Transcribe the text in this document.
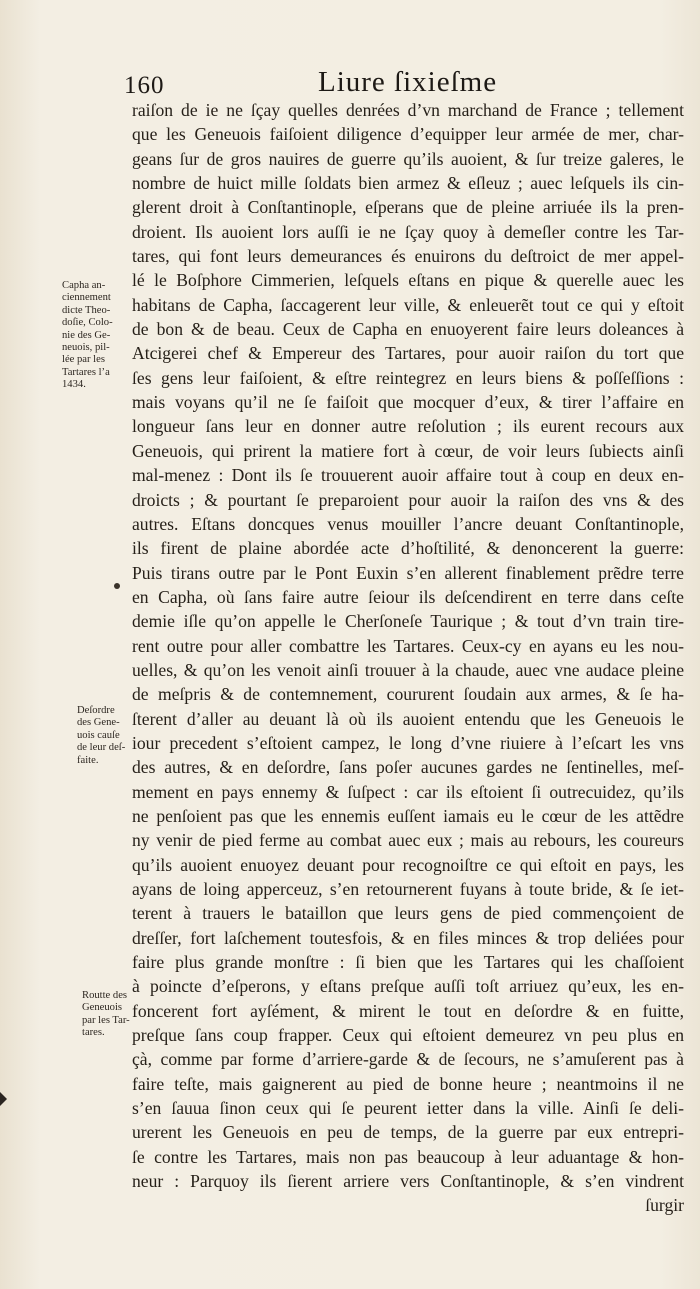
160	Liure ſixieſme
raiſon de ie ne ſçay quelles denrées d’vn marchand de France ; tellement
que les Geneuois faiſoient diligence d’equipper leur armée de mer, char-
geans ſur de gros nauires de guerre qu’ils auoient, & ſur treize galeres, le
nombre de huict mille ſoldats bien armez & eſleuz ; auec leſquels ils cin-
glerent droit à Conſtantinople, eſperans que de pleine arriuée ils la pren-
droient. Ils auoient lors auſſi ie ne ſçay quoy à demeſler contre les Tar-
tares, qui font leurs demeurances és enuirons du deſtroict de mer appel-
lé le Boſphore Cimmerien, leſquels eſtans en pique & querelle auec les
habitans de Capha, ſaccagerent leur ville, & enleuerẽt tout ce qui y eſtoit
de bon & de beau. Ceux de Capha en enuoyerent faire leurs doleances à
Atcigerei chef & Empereur des Tartares, pour auoir raiſon du tort que
ſes gens leur faiſoient, & eſtre reintegrez en leurs biens & poſſeſſions :
mais voyans qu’il ne ſe faiſoit que mocquer d’eux, & tirer l’affaire en
longueur ſans leur en donner autre reſolution ; ils eurent recours aux
Geneuois, qui prirent la matiere fort à cœur, de voir leurs ſubiects ainſi
mal-menez : Dont ils ſe trouuerent auoir affaire tout à coup en deux en-
droicts ; & pourtant ſe preparoient pour auoir la raiſon des vns & des
autres. Eſtans doncques venus mouiller l’ancre deuant Conſtantinople,
ils firent de plaine abordée acte d’hoſtilité, & denoncerent la guerre:
Puis tirans outre par le Pont Euxin s’en allerent finablement prẽdre terre
en Capha, où ſans faire autre ſeiour ils deſcendirent en terre dans ceſte
demie iſle qu’on appelle le Cherſoneſe Taurique ; & tout d’vn train tire-
rent outre pour aller combattre les Tartares. Ceux-cy en ayans eu les nou-
uelles, & qu’on les venoit ainſi trouuer à la chaude, auec vne audace pleine
de meſpris & de contemnement, coururent ſoudain aux armes, & ſe ha-
ſterent d’aller au deuant là où ils auoient entendu que les Geneuois le
iour precedent s’eſtoient campez, le long d’vne riuiere à l’eſcart les vns
des autres, & en deſordre, ſans poſer aucunes gardes ne ſentinelles, meſ-
mement en pays ennemy & ſuſpect : car ils eſtoient ſi outrecuidez, qu’ils
ne penſoient pas que les ennemis euſſent iamais eu le cœur de les attẽdre
ny venir de pied ferme au combat auec eux ; mais au rebours, les coureurs
qu’ils auoient enuoyez deuant pour recognoiſtre ce qui eſtoit en pays, les
ayans de loing apperceuz, s’en retournerent fuyans à toute bride, & ſe iet-
terent à trauers le bataillon que leurs gens de pied commençoient de
dreſſer, fort laſchement toutesfois, & en files minces & trop deliées pour
faire plus grande monſtre : ſi bien que les Tartares qui les chaſſoient
à poincte d’eſperons, y eſtans preſque auſſi toſt arriuez qu’eux, les en-
foncerent fort ayſément, & mirent le tout en deſordre & en fuitte,
preſque ſans coup frapper. Ceux qui eſtoient demeurez vn peu plus en
çà, comme par forme d’arriere-garde & de ſecours, ne s’amuſerent pas à
faire teſte, mais gaignerent au pied de bonne heure ; neantmoins il ne
s’en ſauua ſinon ceux qui ſe peurent ietter dans la ville. Ainſi ſe deli-
urerent les Geneuois en peu de temps, de la guerre par eux entrepri-
ſe contre les Tartares, mais non pas beaucoup à leur aduantage & hon-
neur : Parquoy ils ſierent arriere vers Conſtantinople, & s’en vindrent
ſurgir
Capha an-
ciennement
dicte Theo-
doſie, Colo-
nie des Ge-
neuois, pil-
lée par les
Tartares l’a
1434.
Deſordre
des Gene-
uois cauſe
de leur deſ-
faite.
Routte des
Geneuois
par les Tar-
tares.
